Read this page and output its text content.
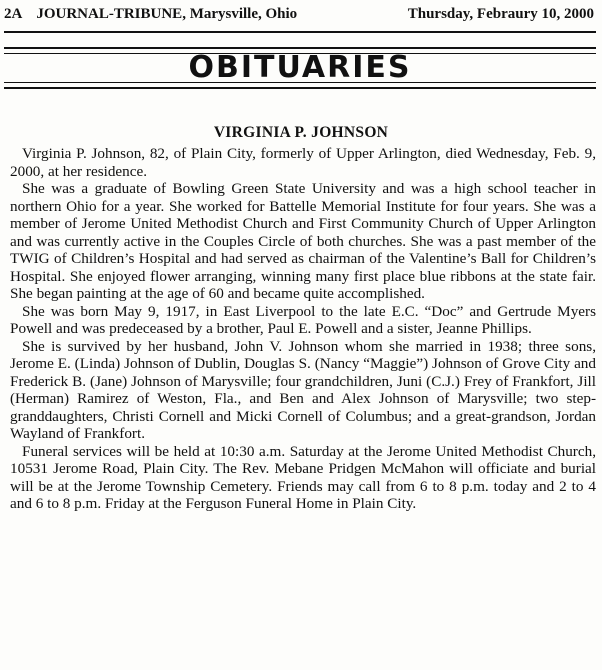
2A JOURNAL-TRIBUNE, Marysville, Ohio	Thursday, Febraury 10, 2000
OBITUARIES
VIRGINIA P. JOHNSON

Virginia P. Johnson, 82, of Plain City, formerly of Upper Arlington, died Wednesday, Feb. 9, 2000, at her residence.

She was a graduate of Bowling Green State University and was a high school teacher in northern Ohio for a year. She worked for Battelle Memorial Institute for four years. She was a member of Jerome United Methodist Church and First Community Church of Upper Arlington and was currently active in the Couples Circle of both churches. She was a past member of the TWIG of Children’s Hospital and had served as chairman of the Valentine’s Ball for Children’s Hospital. She enjoyed flower arranging, winning many first place blue ribbons at the state fair. She began painting at the age of 60 and became quite accomplished.

She was born May 9, 1917, in East Liverpool to the late E.C. “Doc” and Gertrude Myers Powell and was predeceased by a brother, Paul E. Powell and a sister, Jeanne Phillips.

She is survived by her husband, John V. Johnson whom she married in 1938; three sons, Jerome E. (Linda) Johnson of Dublin, Douglas S. (Nancy “Maggie”) Johnson of Grove City and Frederick B. (Jane) Johnson of Marysville; four grandchildren, Juni (C.J.) Frey of Frankfort, Jill (Herman) Ramirez of Weston, Fla., and Ben and Alex Johnson of Marysville; two step-granddaughters, Christi Cornell and Micki Cornell of Columbus; and a great-grandson, Jordan Wayland of Frankfort.

Funeral services will be held at 10:30 a.m. Saturday at the Jerome United Methodist Church, 10531 Jerome Road, Plain City. The Rev. Mebane Pridgen McMahon will officiate and burial will be at the Jerome Township Cemetery. Friends may call from 6 to 8 p.m. today and 2 to 4 and 6 to 8 p.m. Friday at the Ferguson Funeral Home in Plain City.
